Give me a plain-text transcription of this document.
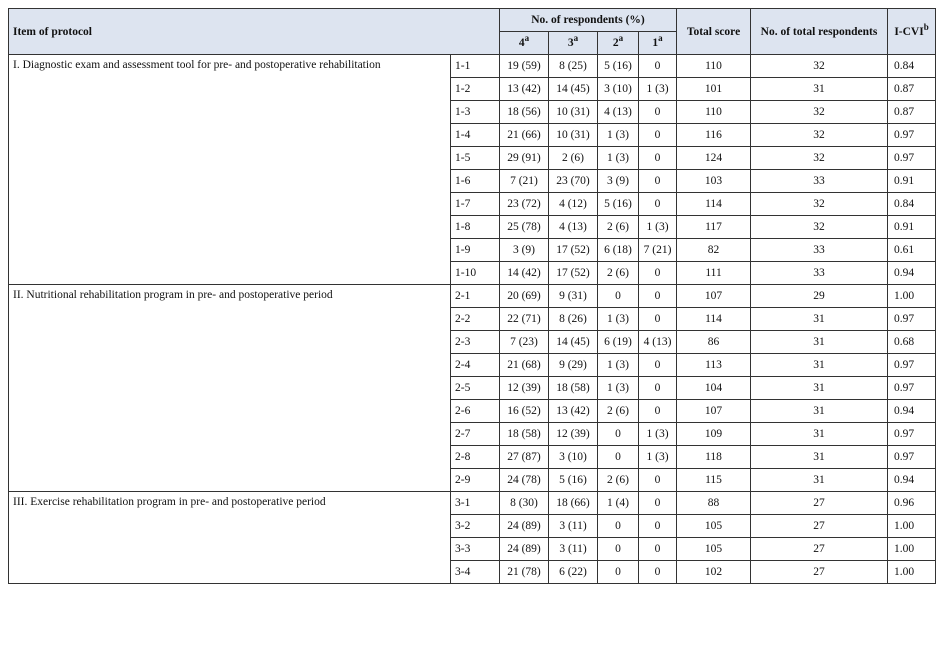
Item of protocol		No. of respondents (%)				Total score	No. of total respondents	I-CVI$^b$
		4$^a$	3$^a$	2$^a$	1$^a$
I. Diagnostic exam and assessment tool for pre- and postoperative rehabilitation	1-1	19 (59)	8 (25)	5 (16)	0	110	32	0.84
	1-2	13 (42)	14 (45)	3 (10)	1 (3)	101	31	0.87
	1-3	18 (56)	10 (31)	4 (13)	0	110	32	0.87
	1-4	21 (66)	10 (31)	1 (3)	0	116	32	0.97
	1-5	29 (91)	2 (6)	1 (3)	0	124	32	0.97
	1-6	7 (21)	23 (70)	3 (9)	0	103	33	0.91
	1-7	23 (72)	4 (12)	5 (16)	0	114	32	0.84
	1-8	25 (78)	4 (13)	2 (6)	1 (3)	117	32	0.91
	1-9	3 (9)	17 (52)	6 (18)	7 (21)	82	33	0.61
	1-10	14 (42)	17 (52)	2 (6)	0	111	33	0.94
II. Nutritional rehabilitation program in pre- and postoperative period	2-1	20 (69)	9 (31)	0	0	107	29	1.00
	2-2	22 (71)	8 (26)	1 (3)	0	114	31	0.97
	2-3	7 (23)	14 (45)	6 (19)	4 (13)	86	31	0.68
	2-4	21 (68)	9 (29)	1 (3)	0	113	31	0.97
	2-5	12 (39)	18 (58)	1 (3)	0	104	31	0.97
	2-6	16 (52)	13 (42)	2 (6)	0	107	31	0.94
	2-7	18 (58)	12 (39)	0	1 (3)	109	31	0.97
	2-8	27 (87)	3 (10)	0	1 (3)	118	31	0.97
	2-9	24 (78)	5 (16)	2 (6)	0	115	31	0.94
III. Exercise rehabilitation program in pre- and postoperative period	3-1	8 (30)	18 (66)	1 (4)	0	88	27	0.96
	3-2	24 (89)	3 (11)	0	0	105	27	1.00
	3-3	24 (89)	3 (11)	0	0	105	27	1.00
	3-4	21 (78)	6 (22)	0	0	102	27	1.00
